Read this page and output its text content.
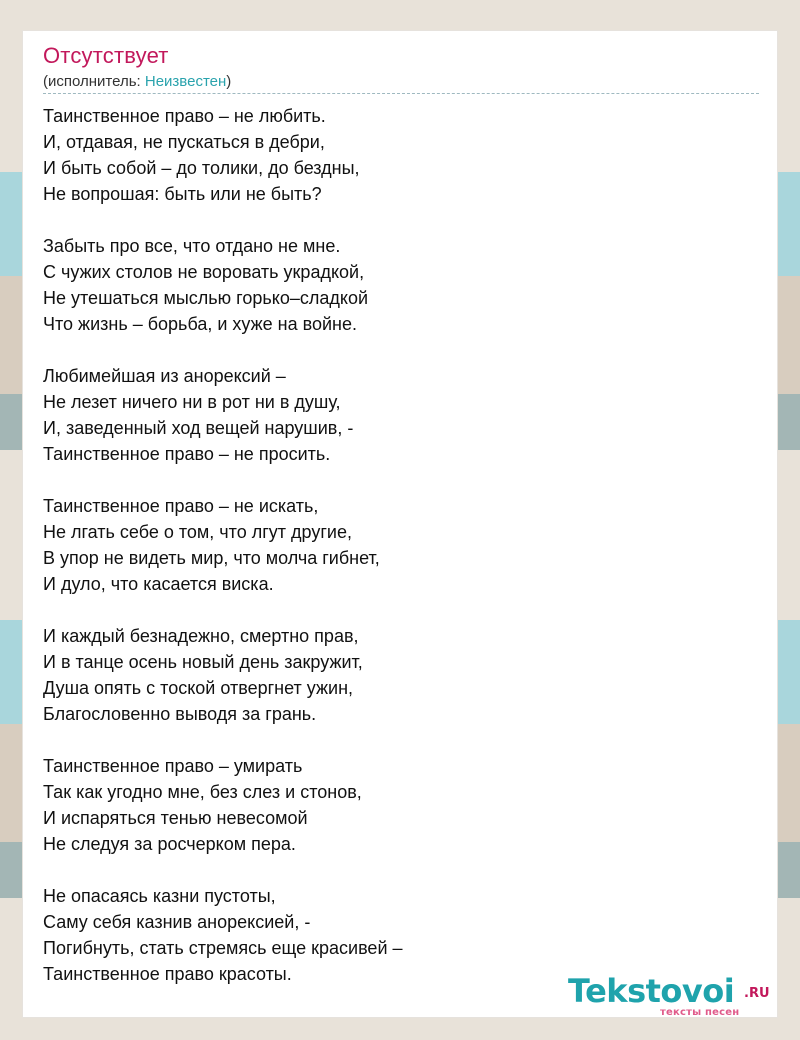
Отсутствует
(исполнитель: Неизвестен)
Таинственное право – не любить.
И, отдавая, не пускаться в дебри,
И быть собой – до толики, до бездны,
Не вопрошая: быть или не быть?
Забыть про все, что отдано не мне.
С чужих столов не воровать украдкой,
Не утешаться мыслью горько–сладкой
Что жизнь – борьба, и хуже на войне.
Любимейшая из анорексий –
Не лезет ничего ни в рот ни в душу,
И, заведенный ход вещей нарушив, -
Таинственное право – не просить.
Таинственное право – не искать,
Не лгать себе о том, что лгут другие,
В упор не видеть мир, что молча гибнет,
И дуло, что касается виска.
И каждый безнадежно, смертно прав,
И в танце осень новый день закружит,
Душа опять с тоской отвергнет ужин,
Благословенно выводя за грань.
Таинственное право – умирать
Так как угодно мне, без слез и стонов,
И испаряться тенью невесомой
Не следуя за росчерком пера.
Не опасаясь казни пустоты,
Саму себя казнив анорексией, -
Погибнуть, стать стремясь еще красивей –
Таинственное право красоты.	Tekstovoi .RU
тексты песен
